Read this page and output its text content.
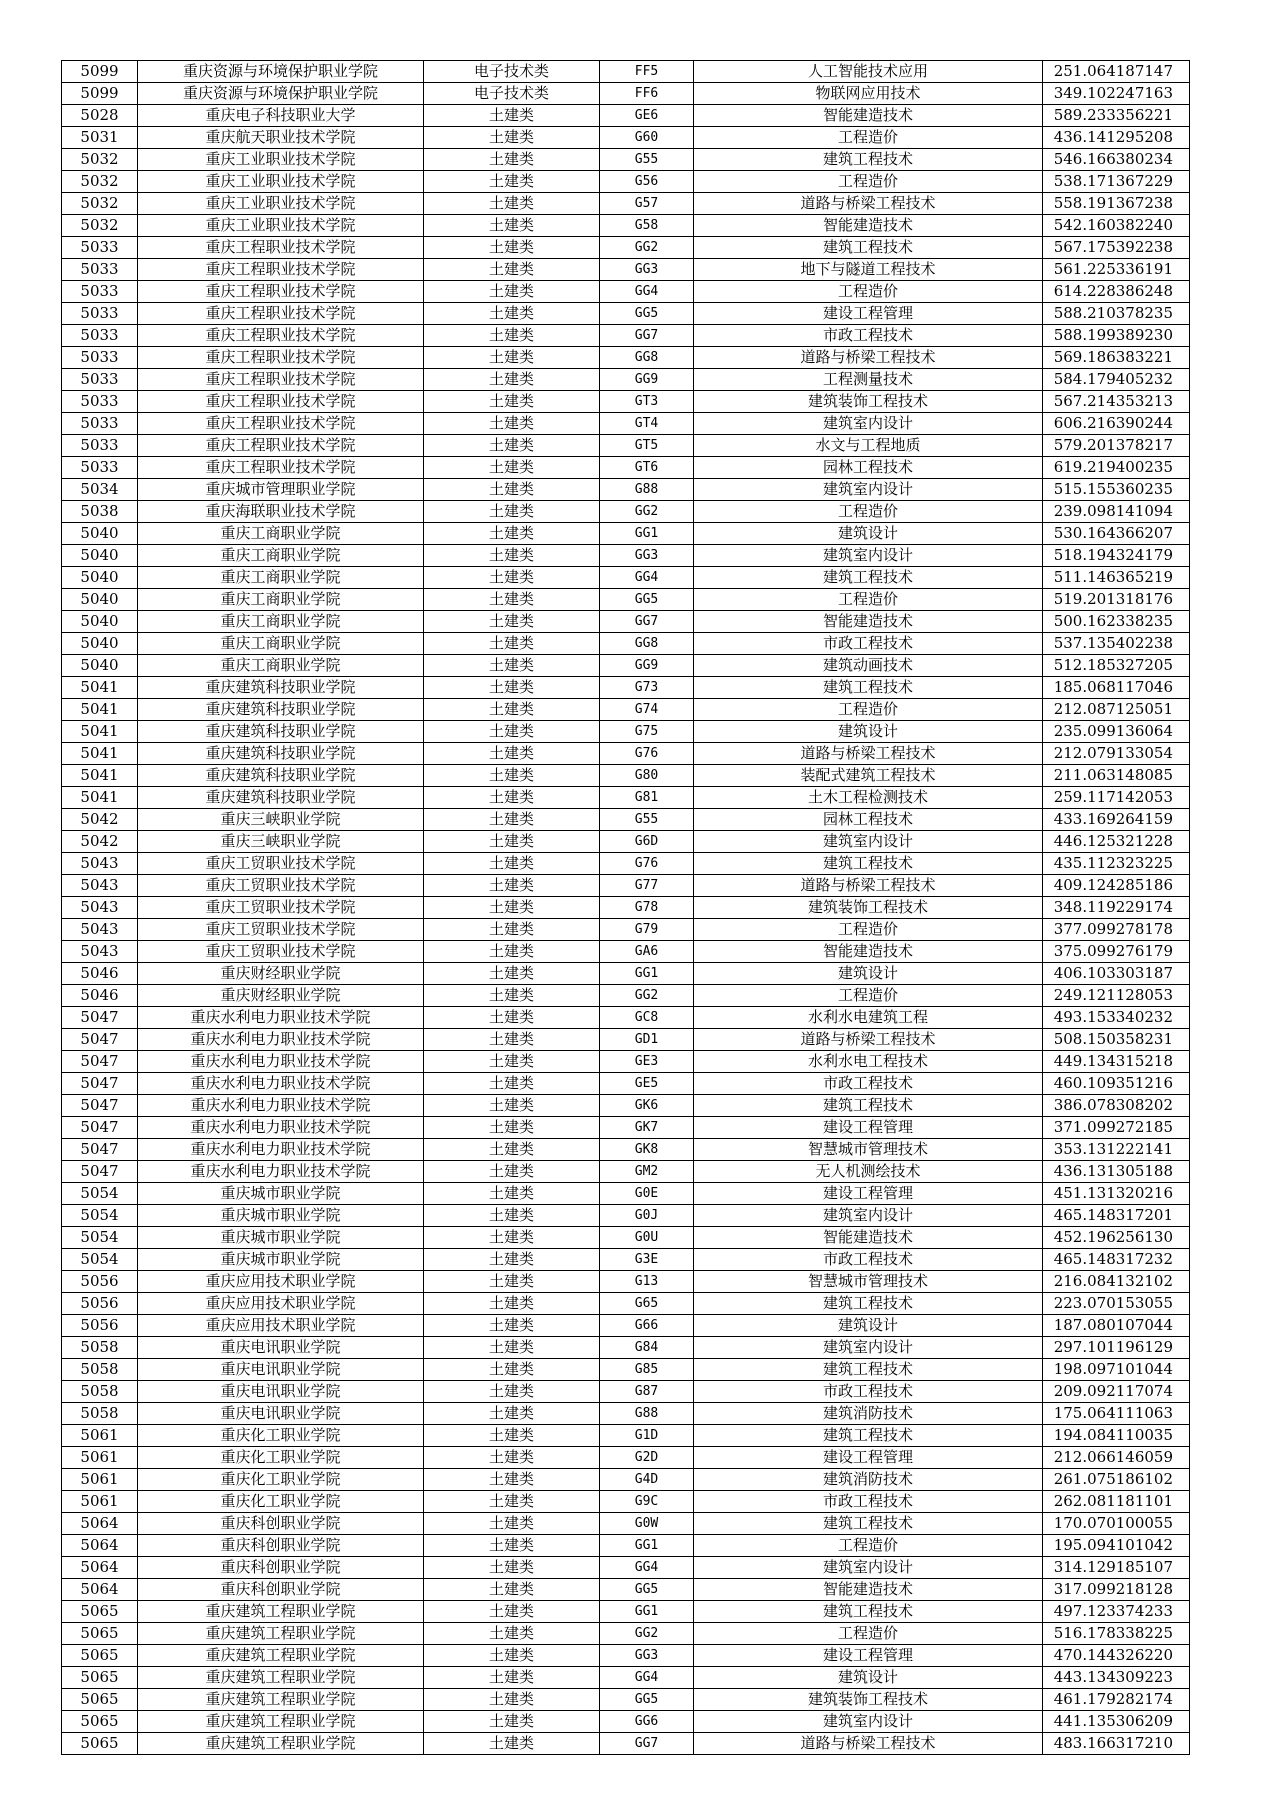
5099	重庆资源与环境保护职业学院	电子技术类	FF5	人工智能技术应用	251.064187147
5099	重庆资源与环境保护职业学院	电子技术类	FF6	物联网应用技术	349.102247163
5028	重庆电子科技职业大学	土建类	GE6	智能建造技术	589.233356221
5031	重庆航天职业技术学院	土建类	G60	工程造价	436.141295208
5032	重庆工业职业技术学院	土建类	G55	建筑工程技术	546.166380234
5032	重庆工业职业技术学院	土建类	G56	工程造价	538.171367229
5032	重庆工业职业技术学院	土建类	G57	道路与桥梁工程技术	558.191367238
5032	重庆工业职业技术学院	土建类	G58	智能建造技术	542.160382240
5033	重庆工程职业技术学院	土建类	GG2	建筑工程技术	567.175392238
5033	重庆工程职业技术学院	土建类	GG3	地下与隧道工程技术	561.225336191
5033	重庆工程职业技术学院	土建类	GG4	工程造价	614.228386248
5033	重庆工程职业技术学院	土建类	GG5	建设工程管理	588.210378235
5033	重庆工程职业技术学院	土建类	GG7	市政工程技术	588.199389230
5033	重庆工程职业技术学院	土建类	GG8	道路与桥梁工程技术	569.186383221
5033	重庆工程职业技术学院	土建类	GG9	工程测量技术	584.179405232
5033	重庆工程职业技术学院	土建类	GT3	建筑装饰工程技术	567.214353213
5033	重庆工程职业技术学院	土建类	GT4	建筑室内设计	606.216390244
5033	重庆工程职业技术学院	土建类	GT5	水文与工程地质	579.201378217
5033	重庆工程职业技术学院	土建类	GT6	园林工程技术	619.219400235
5034	重庆城市管理职业学院	土建类	G88	建筑室内设计	515.155360235
5038	重庆海联职业技术学院	土建类	GG2	工程造价	239.098141094
5040	重庆工商职业学院	土建类	GG1	建筑设计	530.164366207
5040	重庆工商职业学院	土建类	GG3	建筑室内设计	518.194324179
5040	重庆工商职业学院	土建类	GG4	建筑工程技术	511.146365219
5040	重庆工商职业学院	土建类	GG5	工程造价	519.201318176
5040	重庆工商职业学院	土建类	GG7	智能建造技术	500.162338235
5040	重庆工商职业学院	土建类	GG8	市政工程技术	537.135402238
5040	重庆工商职业学院	土建类	GG9	建筑动画技术	512.185327205
5041	重庆建筑科技职业学院	土建类	G73	建筑工程技术	185.068117046
5041	重庆建筑科技职业学院	土建类	G74	工程造价	212.087125051
5041	重庆建筑科技职业学院	土建类	G75	建筑设计	235.099136064
5041	重庆建筑科技职业学院	土建类	G76	道路与桥梁工程技术	212.079133054
5041	重庆建筑科技职业学院	土建类	G80	装配式建筑工程技术	211.063148085
5041	重庆建筑科技职业学院	土建类	G81	土木工程检测技术	259.117142053
5042	重庆三峡职业学院	土建类	G55	园林工程技术	433.169264159
5042	重庆三峡职业学院	土建类	G6D	建筑室内设计	446.125321228
5043	重庆工贸职业技术学院	土建类	G76	建筑工程技术	435.112323225
5043	重庆工贸职业技术学院	土建类	G77	道路与桥梁工程技术	409.124285186
5043	重庆工贸职业技术学院	土建类	G78	建筑装饰工程技术	348.119229174
5043	重庆工贸职业技术学院	土建类	G79	工程造价	377.099278178
5043	重庆工贸职业技术学院	土建类	GA6	智能建造技术	375.099276179
5046	重庆财经职业学院	土建类	GG1	建筑设计	406.103303187
5046	重庆财经职业学院	土建类	GG2	工程造价	249.121128053
5047	重庆水利电力职业技术学院	土建类	GC8	水利水电建筑工程	493.153340232
5047	重庆水利电力职业技术学院	土建类	GD1	道路与桥梁工程技术	508.150358231
5047	重庆水利电力职业技术学院	土建类	GE3	水利水电工程技术	449.134315218
5047	重庆水利电力职业技术学院	土建类	GE5	市政工程技术	460.109351216
5047	重庆水利电力职业技术学院	土建类	GK6	建筑工程技术	386.078308202
5047	重庆水利电力职业技术学院	土建类	GK7	建设工程管理	371.099272185
5047	重庆水利电力职业技术学院	土建类	GK8	智慧城市管理技术	353.131222141
5047	重庆水利电力职业技术学院	土建类	GM2	无人机测绘技术	436.131305188
5054	重庆城市职业学院	土建类	G0E	建设工程管理	451.131320216
5054	重庆城市职业学院	土建类	G0J	建筑室内设计	465.148317201
5054	重庆城市职业学院	土建类	G0U	智能建造技术	452.196256130
5054	重庆城市职业学院	土建类	G3E	市政工程技术	465.148317232
5056	重庆应用技术职业学院	土建类	G13	智慧城市管理技术	216.084132102
5056	重庆应用技术职业学院	土建类	G65	建筑工程技术	223.070153055
5056	重庆应用技术职业学院	土建类	G66	建筑设计	187.080107044
5058	重庆电讯职业学院	土建类	G84	建筑室内设计	297.101196129
5058	重庆电讯职业学院	土建类	G85	建筑工程技术	198.097101044
5058	重庆电讯职业学院	土建类	G87	市政工程技术	209.092117074
5058	重庆电讯职业学院	土建类	G88	建筑消防技术	175.064111063
5061	重庆化工职业学院	土建类	G1D	建筑工程技术	194.084110035
5061	重庆化工职业学院	土建类	G2D	建设工程管理	212.066146059
5061	重庆化工职业学院	土建类	G4D	建筑消防技术	261.075186102
5061	重庆化工职业学院	土建类	G9C	市政工程技术	262.081181101
5064	重庆科创职业学院	土建类	G0W	建筑工程技术	170.070100055
5064	重庆科创职业学院	土建类	GG1	工程造价	195.094101042
5064	重庆科创职业学院	土建类	GG4	建筑室内设计	314.129185107
5064	重庆科创职业学院	土建类	GG5	智能建造技术	317.099218128
5065	重庆建筑工程职业学院	土建类	GG1	建筑工程技术	497.123374233
5065	重庆建筑工程职业学院	土建类	GG2	工程造价	516.178338225
5065	重庆建筑工程职业学院	土建类	GG3	建设工程管理	470.144326220
5065	重庆建筑工程职业学院	土建类	GG4	建筑设计	443.134309223
5065	重庆建筑工程职业学院	土建类	GG5	建筑装饰工程技术	461.179282174
5065	重庆建筑工程职业学院	土建类	GG6	建筑室内设计	441.135306209
5065	重庆建筑工程职业学院	土建类	GG7	道路与桥梁工程技术	483.166317210
